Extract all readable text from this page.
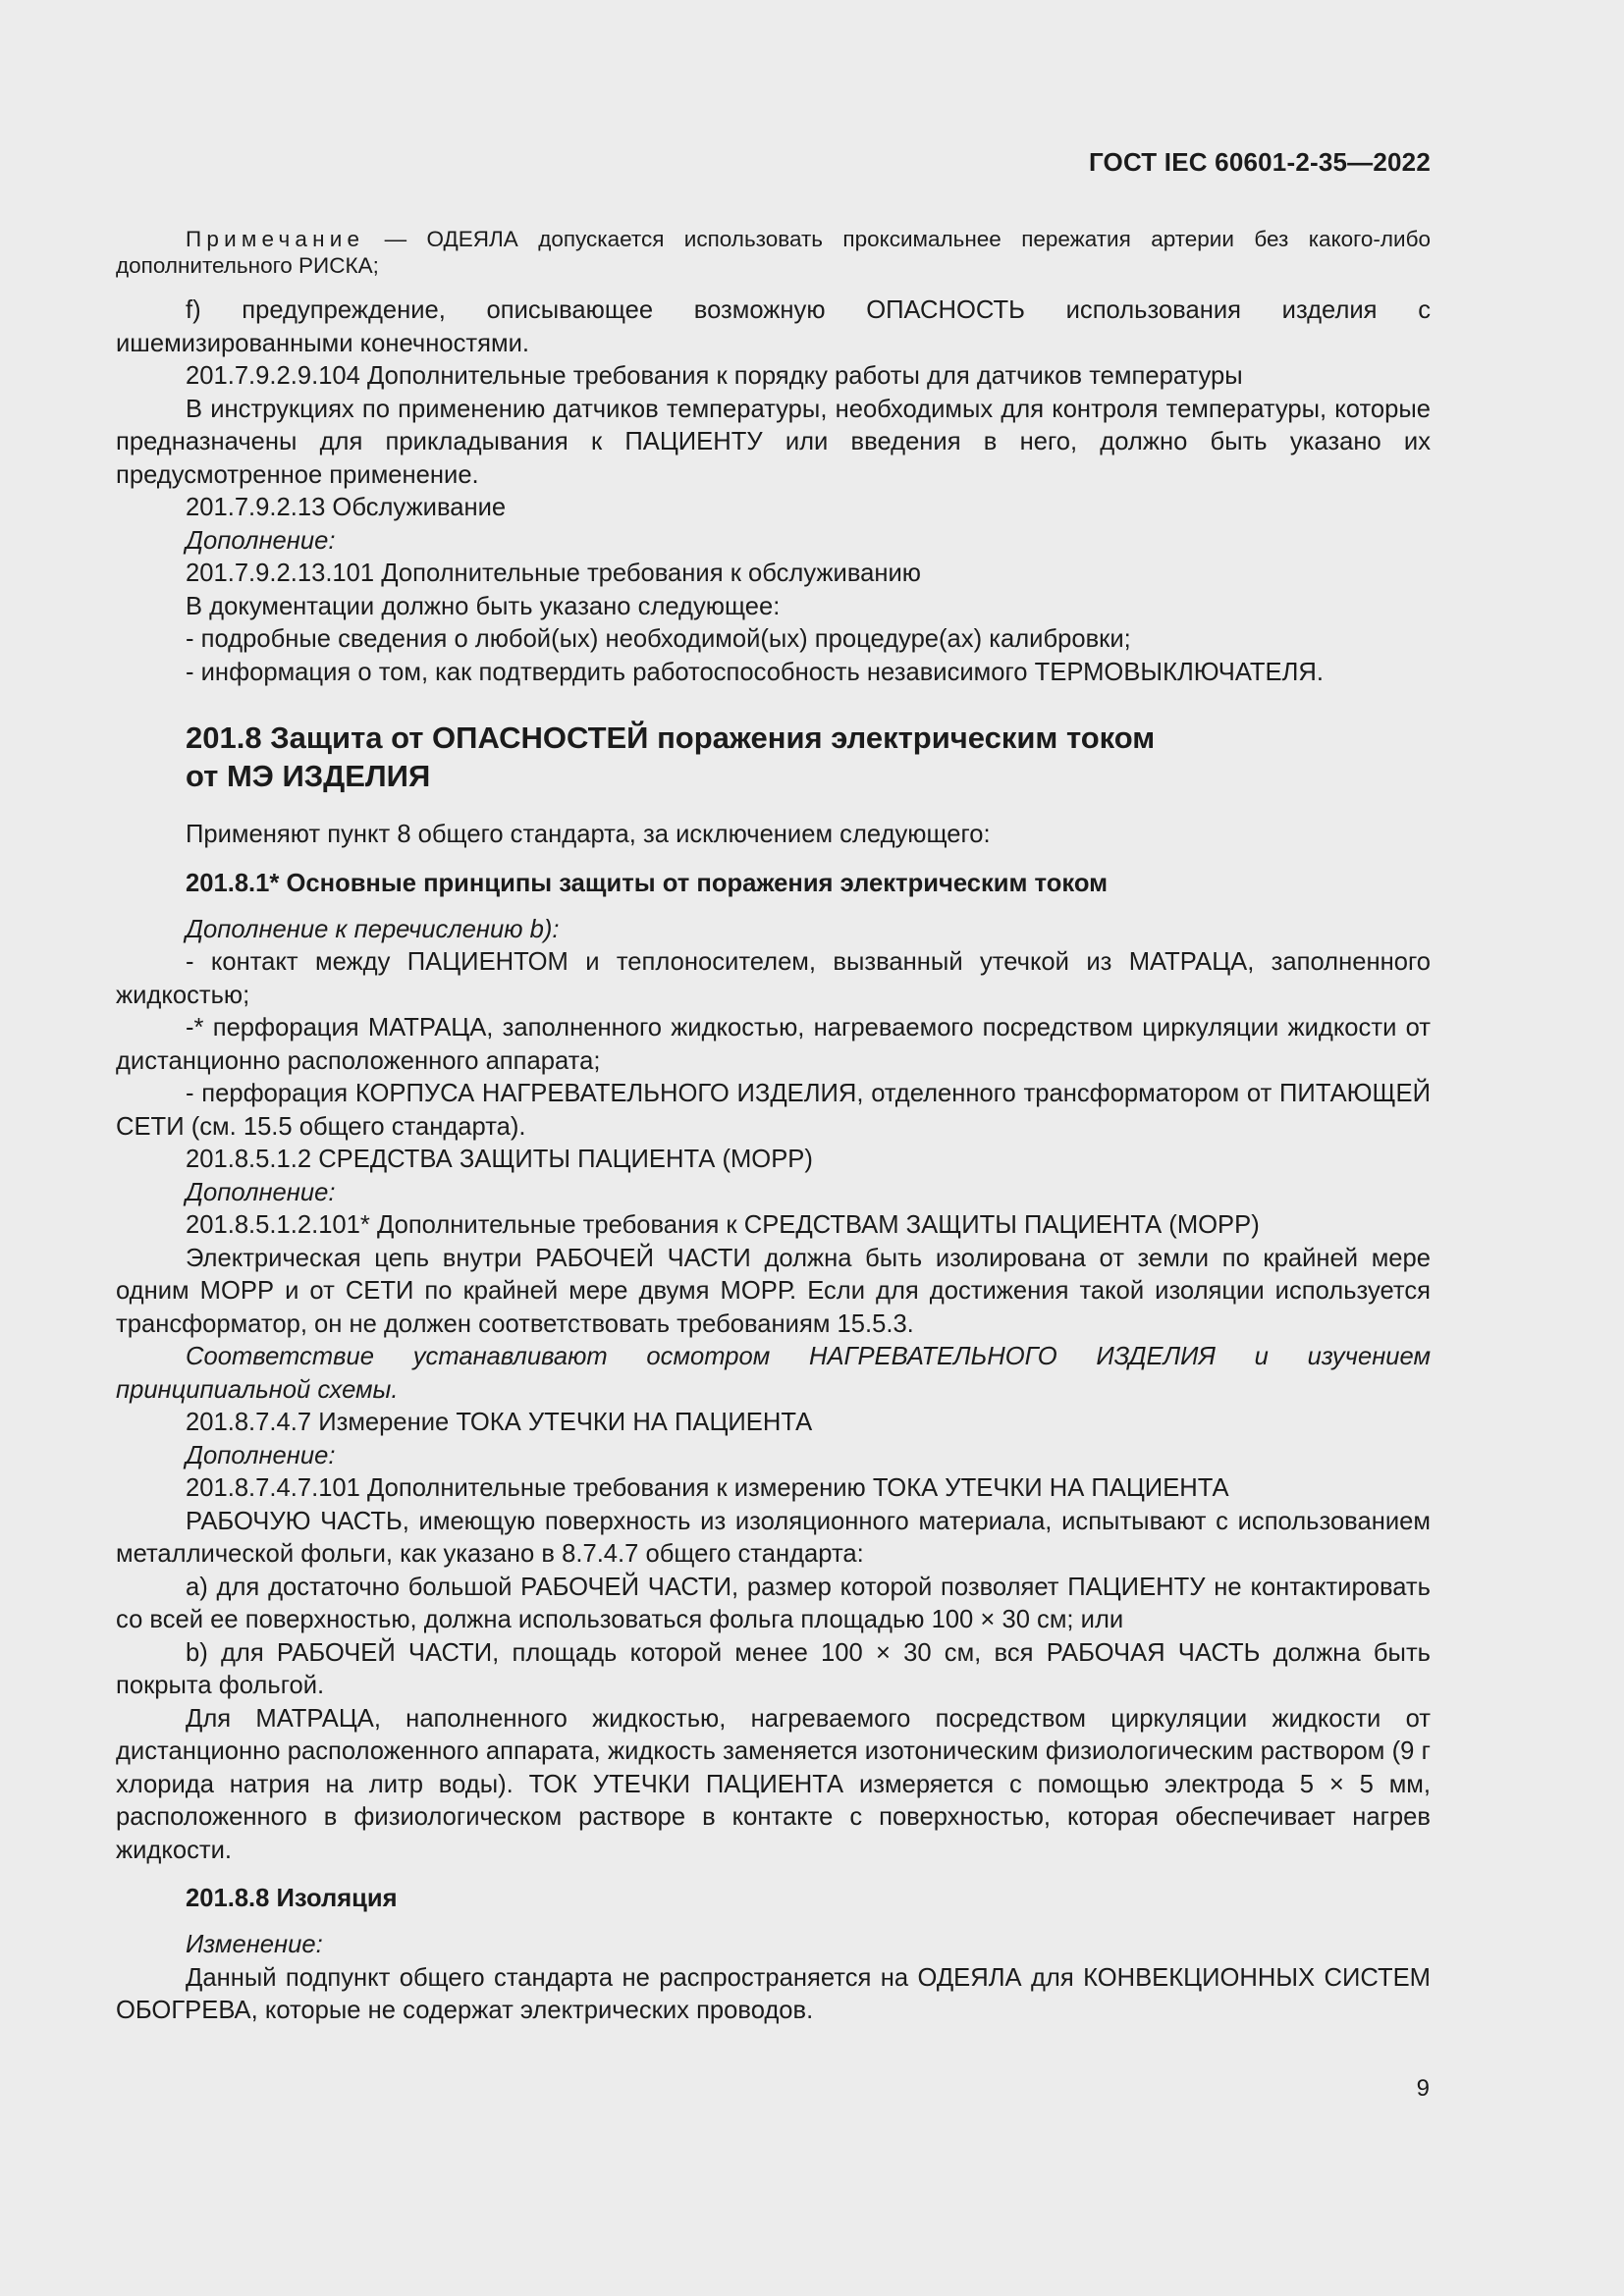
ГОСТ IEC 60601-2-35—2022

Примечание — ОДЕЯЛА допускается использовать проксимальнее пережатия артерии без какого-либо дополнительного РИСКА;

f) предупреждение, описывающее возможную ОПАСНОСТЬ использования изделия с ишемизированными конечностями.

201.7.9.2.9.104 Дополнительные требования к порядку работы для датчиков температуры

В инструкциях по применению датчиков температуры, необходимых для контроля температуры, которые предназначены для прикладывания к ПАЦИЕНТУ или введения в него, должно быть указано их предусмотренное применение.

201.7.9.2.13 Обслуживание

Дополнение:

201.7.9.2.13.101 Дополнительные требования к обслуживанию

В документации должно быть указано следующее:

- подробные сведения о любой(ых) необходимой(ых) процедуре(ах) калибровки;

- информация о том, как подтвердить работоспособность независимого ТЕРМОВЫКЛЮЧАТЕЛЯ.

201.8 Защита от ОПАСНОСТЕЙ поражения электрическим током
от МЭ ИЗДЕЛИЯ

Применяют пункт 8 общего стандарта, за исключением следующего:

201.8.1* Основные принципы защиты от поражения электрическим током

Дополнение к перечислению b):

- контакт между ПАЦИЕНТОМ и теплоносителем, вызванный утечкой из МАТРАЦА, заполненного жидкостью;

-* перфорация МАТРАЦА, заполненного жидкостью, нагреваемого посредством циркуляции жидкости от дистанционно расположенного аппарата;

- перфорация КОРПУСА НАГРЕВАТЕЛЬНОГО ИЗДЕЛИЯ, отделенного трансформатором от ПИТАЮЩЕЙ СЕТИ (см. 15.5 общего стандарта).

201.8.5.1.2 СРЕДСТВА ЗАЩИТЫ ПАЦИЕНТА (МОРР)

Дополнение:

201.8.5.1.2.101* Дополнительные требования к СРЕДСТВАМ ЗАЩИТЫ ПАЦИЕНТА (МОРР)

Электрическая цепь внутри РАБОЧЕЙ ЧАСТИ должна быть изолирована от земли по крайней мере одним МОРР и от СЕТИ по крайней мере двумя МОРР. Если для достижения такой изоляции используется трансформатор, он не должен соответствовать требованиям 15.5.3.

Соответствие устанавливают осмотром НАГРЕВАТЕЛЬНОГО ИЗДЕЛИЯ и изучением принципиальной схемы.

201.8.7.4.7 Измерение ТОКА УТЕЧКИ НА ПАЦИЕНТА

Дополнение:

201.8.7.4.7.101 Дополнительные требования к измерению ТОКА УТЕЧКИ НА ПАЦИЕНТА

РАБОЧУЮ ЧАСТЬ, имеющую поверхность из изоляционного материала, испытывают с использованием металлической фольги, как указано в 8.7.4.7 общего стандарта:

а) для достаточно большой РАБОЧЕЙ ЧАСТИ, размер которой позволяет ПАЦИЕНТУ не контактировать со всей ее поверхностью, должна использоваться фольга площадью 100 × 30 см; или

b) для РАБОЧЕЙ ЧАСТИ, площадь которой менее 100 × 30 см, вся РАБОЧАЯ ЧАСТЬ должна быть покрыта фольгой.

Для МАТРАЦА, наполненного жидкостью, нагреваемого посредством циркуляции жидкости от дистанционно расположенного аппарата, жидкость заменяется изотоническим физиологическим раствором (9 г хлорида натрия на литр воды). ТОК УТЕЧКИ ПАЦИЕНТА измеряется с помощью электрода 5 × 5 мм, расположенного в физиологическом растворе в контакте с поверхностью, которая обеспечивает нагрев жидкости.

201.8.8 Изоляция

Изменение:

Данный подпункт общего стандарта не распространяется на ОДЕЯЛА для КОНВЕКЦИОННЫХ СИСТЕМ ОБОГРЕВА, которые не содержат электрических проводов.

9
